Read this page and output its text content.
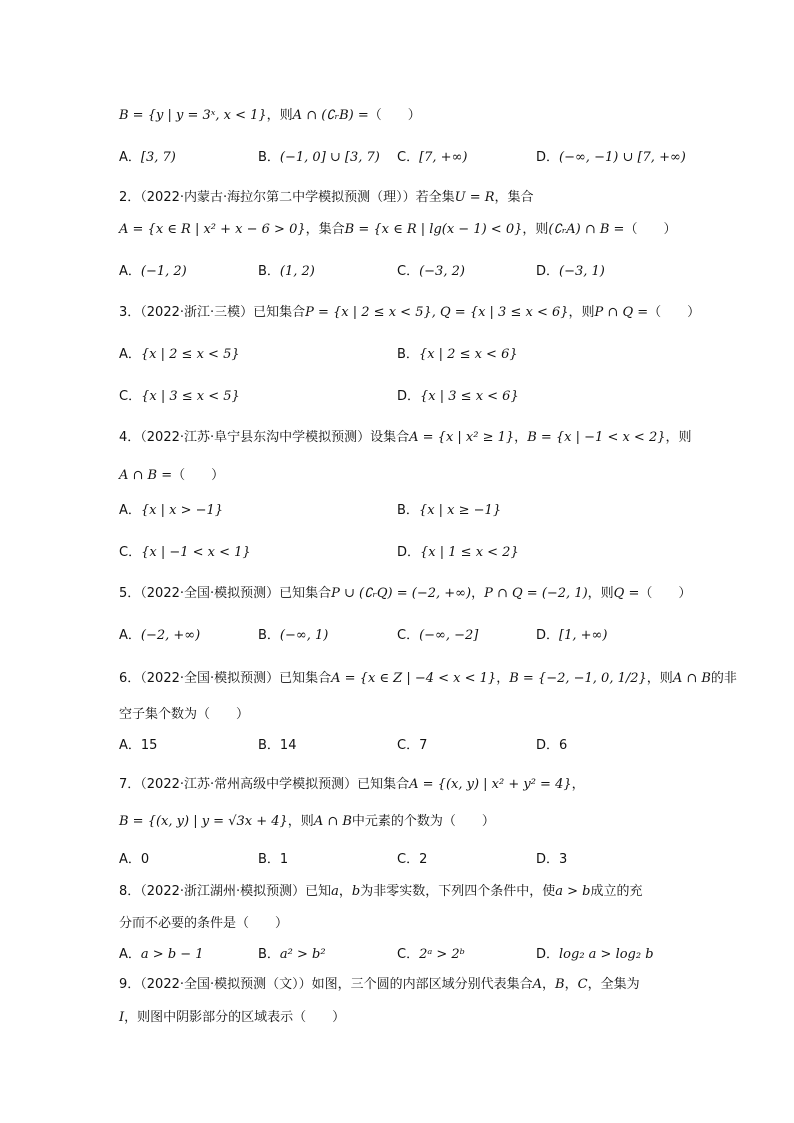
B = {y | y = 3ˣ, x < 1}，则A ∩ (∁ᵣB) =（　　）
2．（2022·内蒙古·海拉尔第二中学模拟预测（理））若全集U = R，集合
A = {x ∈ R | x² + x − 6 > 0}，集合B = {x ∈ R | lg(x − 1) < 0}，则(∁ᵣA) ∩ B =（　　）
3．（2022·浙江·三模）已知集合P = {x | 2 ≤ x < 5}, Q = {x | 3 ≤ x < 6}，则P ∩ Q =（　　）
4．（2022·江苏·阜宁县东沟中学模拟预测）设集合A = {x | x² ≥ 1}，B = {x | −1 < x < 2}，则
A ∩ B =（　　）
5．（2022·全国·模拟预测）已知集合P ∪ (∁ᵣQ) = (−2, +∞)，P ∩ Q = (−2, 1)，则Q =（　　）
6．（2022·全国·模拟预测）已知集合A = {x ∈ Z | −4 < x < 1}，B = {−2, −1, 0, 1/2}，则A ∩ B的非
空子集个数为（　　）
7．（2022·江苏·常州高级中学模拟预测）已知集合A = {(x, y) | x² + y² = 4}，
B = {(x, y) | y = √3x + 4}，则A ∩ B中元素的个数为（　　）
8．（2022·浙江湖州·模拟预测）已知a，b为非零实数，下列四个条件中，使a > b成立的充
分而不必要的条件是（　　）
9．（2022·全国·模拟预测（文））如图，三个圆的内部区域分别代表集合A，B，C，全集为
I，则图中阴影部分的区域表示（　　）
A．[3, 7)	B．(−1, 0] ∪ [3, 7) C．[7, +∞)	D．(−∞, −1) ∪ [7, +∞)
A．(−1, 2)	B．(1, 2)	C．(−3, 2)	D．(−3, 1)
A．{x | 2 ≤ x < 5}	B．{x | 2 ≤ x < 6}
C．{x | 3 ≤ x < 5}	D．{x | 3 ≤ x < 6}
A．{x | x > −1}	B．{x | x ≥ −1}
C．{x | −1 < x < 1}	D．{x | 1 ≤ x < 2}
A．(−2, +∞)	B．(−∞, 1)	C．(−∞, −2]	D．[1, +∞)
A．15	B．14	C．7	D．6
A．0	B．1	C．2	D．3
A．a > b − 1	B．a² > b²	C．2ᵃ > 2ᵇ	D．log₂ a > log₂ b
